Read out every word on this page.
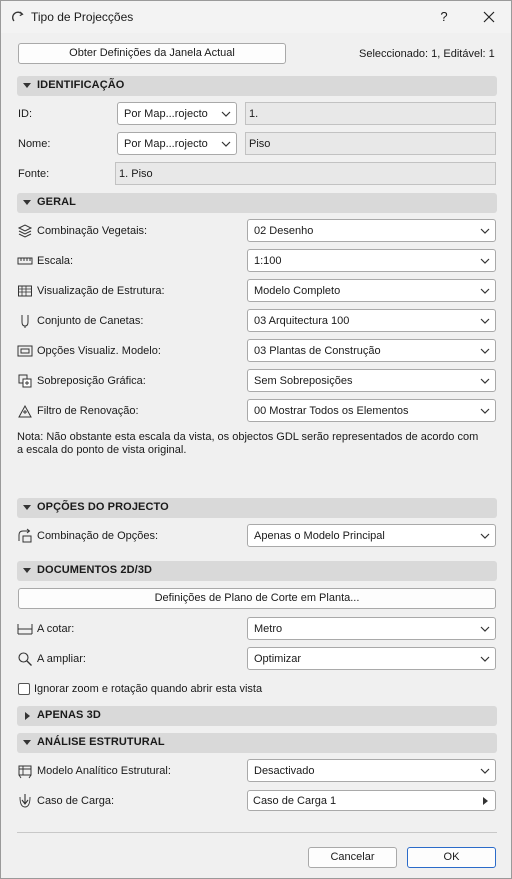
Tipo de Projecções	?
Obter Definições da Janela Actual	Seleccionado: 1, Editável: 1
IDENTIFICAÇÃO
ID:	Por Map...rojecto	1.
Nome:	Por Map...rojecto	Piso
Fonte:	1. Piso
GERAL
Combinação Vegetais:	02 Desenho
Escala:	1:100
Visualização de Estrutura:	Modelo Completo
Conjunto de Canetas:	03 Arquitectura 100
Opções Visualiz. Modelo:	03 Plantas de Construção
Sobreposição Gráfica:	Sem Sobreposições
Filtro de Renovação:	00 Mostrar Todos os Elementos
Nota: Não obstante esta escala da vista, os objectos GDL serão representados de acordo com
a escala do ponto de vista original.
OPÇÕES DO PROJECTO
Combinação de Opções:	Apenas o Modelo Principal
DOCUMENTOS 2D/3D
Definições de Plano de Corte em Planta...
A cotar:	Metro
A ampliar:	Optimizar
Ignorar zoom e rotação quando abrir esta vista
APENAS 3D
ANÁLISE ESTRUTURAL
Modelo Analítico Estrutural:	Desactivado
Caso de Carga:	Caso de Carga 1
Cancelar	OK
